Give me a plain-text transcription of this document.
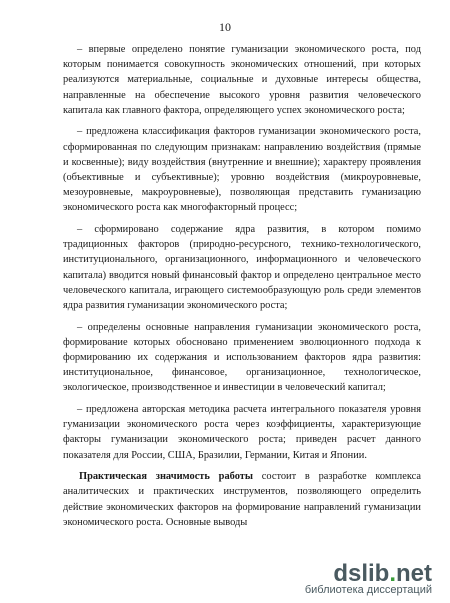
10

– впервые определено понятие гуманизации экономического роста, под которым понимается совокупность экономических отношений, при которых реализуются материальные, социальные и духовные интересы общества, направленные на обеспечение высокого уровня развития человеческого капитала как главного фактора, определяющего успех экономического роста;

– предложена классификация факторов гуманизации экономического роста, сформированная по следующим признакам: направлению воздействия (прямые и косвенные); виду воздействия (внутренние и внешние); характеру проявления (объективные и субъективные); уровню воздействия (микроуровневые, мезоуровневые, макроуровневые), позволяющая представить гуманизацию экономического роста как многофакторный процесс;

– сформировано содержание ядра развития, в котором помимо традиционных факторов (природно-ресурсного, технико-технологического, институционального, организационного, информационного и человеческого капитала) вводится новый финансовый фактор и определено центральное место человеческого капитала, играющего системообразующую роль среди элементов ядра развития гуманизации экономического роста;

– определены основные направления гуманизации экономического роста, формирование которых обосновано применением эволюционного подхода к формированию их содержания и использованием факторов ядра развития: институциональное, финансовое, организационное, технологическое, экологическое, производственное и инвестиции в человеческий капитал;

– предложена авторская методика расчета интегрального показателя уровня гуманизации экономического роста через коэффициенты, характеризующие факторы гуманизации экономического роста; приведен расчет данного показателя для России, США, Бразилии, Германии, Китая и Японии.

Практическая значимость работы состоит в разработке комплекса аналитических и практических инструментов, позволяющего определить действие экономических факторов на формирование направлений гуманизации экономического роста. Основные выводы

dslib.net
библиотека диссертаций
